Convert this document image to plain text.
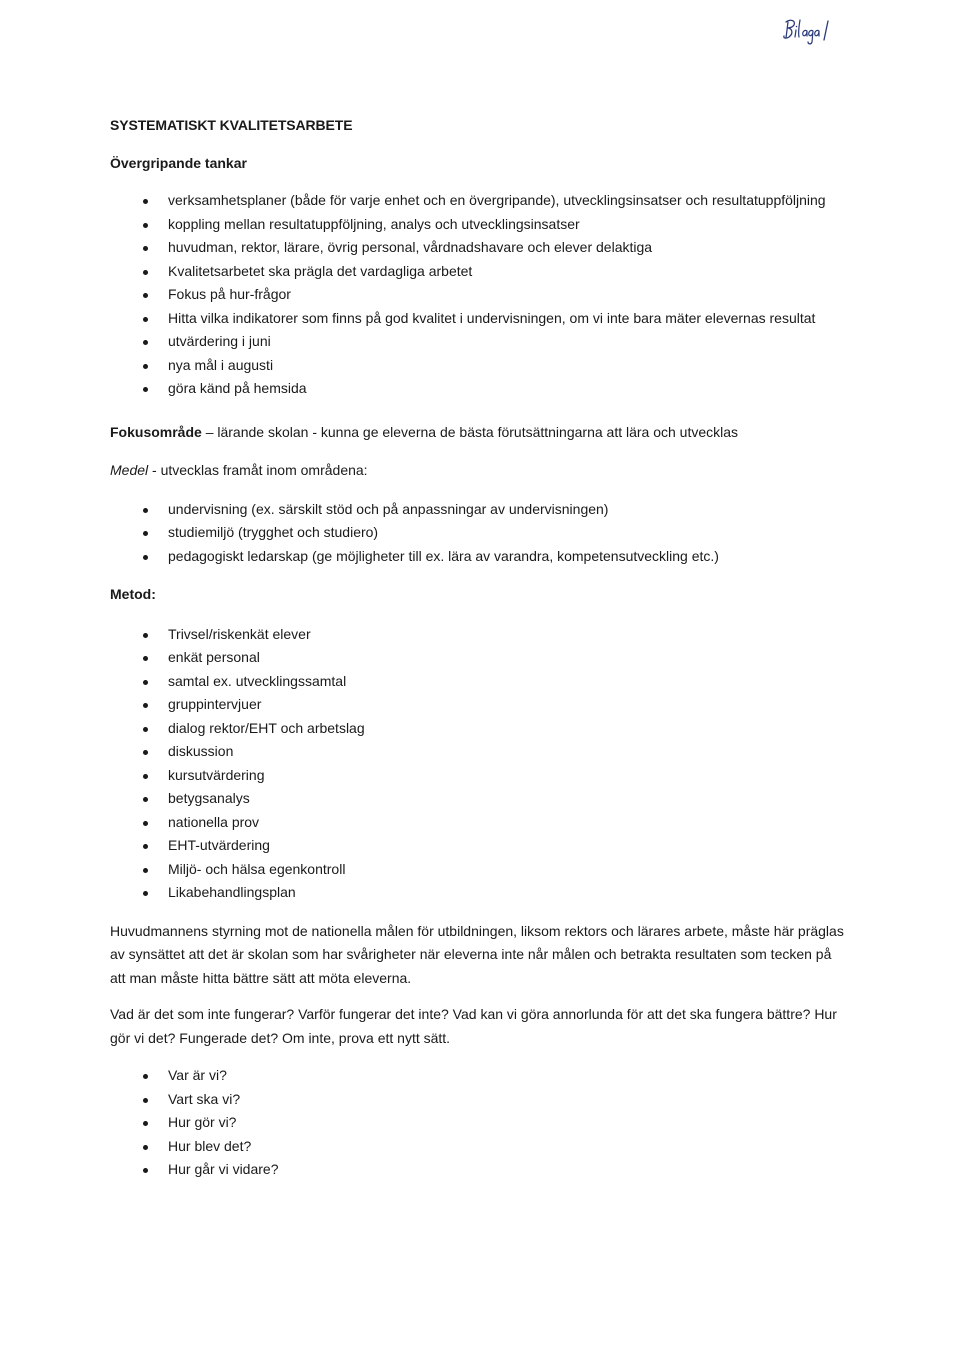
SYSTEMATISKT KVALITETSARBETE
Övergripande tankar
verksamhetsplaner (både för varje enhet och en övergripande), utvecklingsinsatser och resultatuppföljning
koppling mellan resultatuppföljning, analys och utvecklingsinsatser
huvudman, rektor, lärare, övrig personal, vårdnadshavare och elever delaktiga
Kvalitetsarbetet ska prägla det vardagliga arbetet
Fokus på hur-frågor
Hitta vilka indikatorer som finns på god kvalitet i undervisningen, om vi inte bara mäter elevernas resultat
utvärdering i juni
nya mål i augusti
göra känd på hemsida
Fokusområde – lärande skolan - kunna ge eleverna de bästa förutsättningarna att lära och utvecklas
Medel - utvecklas framåt inom områdena:
undervisning (ex. särskilt stöd och på anpassningar av undervisningen)
studiemiljö (trygghet och studiero)
pedagogiskt ledarskap (ge möjligheter till ex. lära av varandra, kompetensutveckling etc.)
Metod:
Trivsel/riskenkät elever
enkät personal
samtal ex. utvecklingssamtal
gruppintervjuer
dialog rektor/EHT och arbetslag
diskussion
kursutvärdering
betygsanalys
nationella prov
EHT-utvärdering
Miljö- och hälsa egenkontroll
Likabehandlingsplan

Huvudmannens styrning mot de nationella målen för utbildningen, liksom rektors och lärares arbete, måste här präglas av synsättet att det är skolan som har svårigheter när eleverna inte når målen och betrakta resultaten som tecken på att man måste hitta bättre sätt att möta eleverna.

Vad är det som inte fungerar? Varför fungerar det inte? Vad kan vi göra annorlunda för att det ska fungera bättre? Hur gör vi det? Fungerade det? Om inte, prova ett nytt sätt.

Var är vi?
Vart ska vi?
Hur gör vi?
Hur blev det?
Hur går vi vidare?
